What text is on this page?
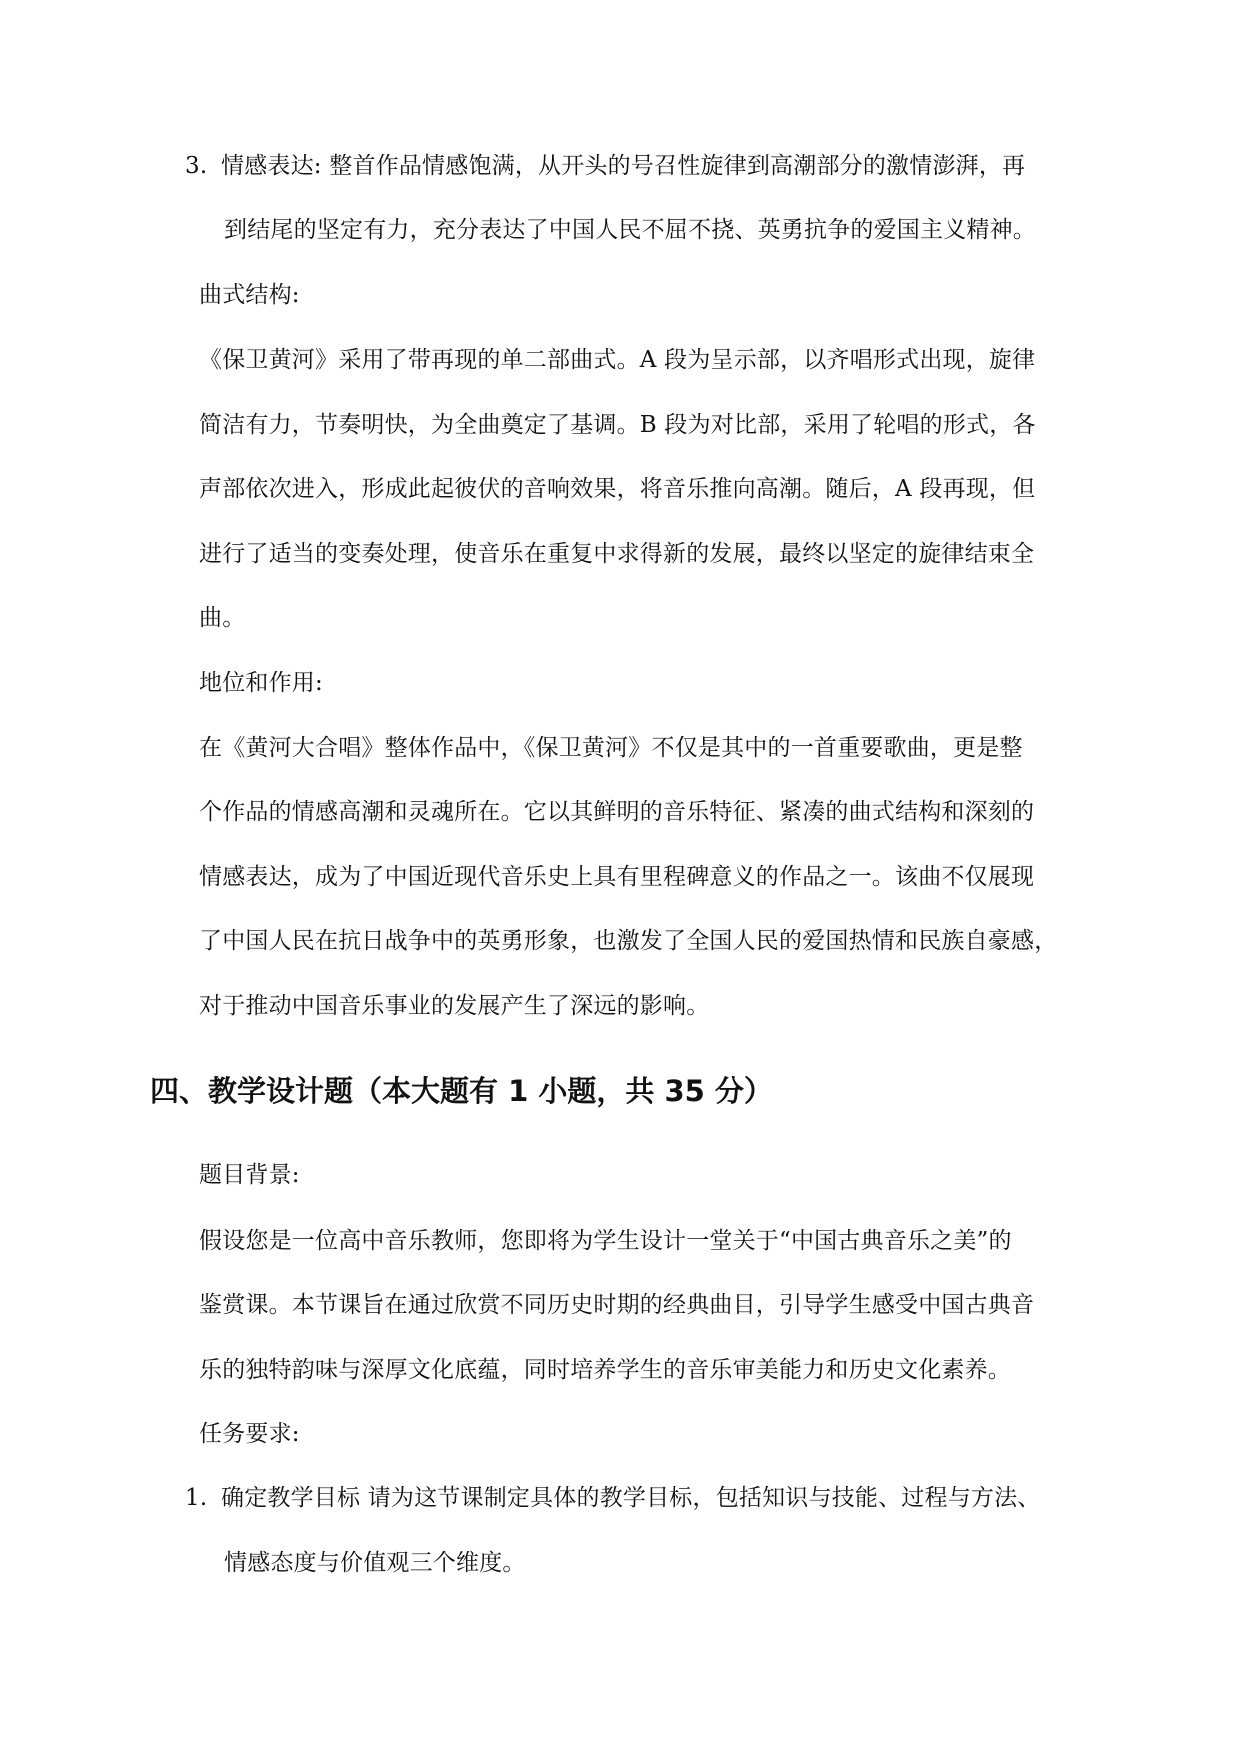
3. 情感表达: 整首作品情感饱满，从开头的号召性旋律到高潮部分的激情澎湃，再
到结尾的坚定有力，充分表达了中国人民不屈不挠、英勇抗争的爱国主义精神。
曲式结构:
《保卫黄河》采用了带再现的单二部曲式。A 段为呈示部，以齐唱形式出现，旋律
简洁有力，节奏明快，为全曲奠定了基调。B 段为对比部，采用了轮唱的形式，各
声部依次进入，形成此起彼伏的音响效果，将音乐推向高潮。随后，A 段再现，但
进行了适当的变奏处理，使音乐在重复中求得新的发展，最终以坚定的旋律结束全
曲。
地位和作用:
在《黄河大合唱》整体作品中，《保卫黄河》不仅是其中的一首重要歌曲，更是整
个作品的情感高潮和灵魂所在。它以其鲜明的音乐特征、紧凑的曲式结构和深刻的
情感表达，成为了中国近现代音乐史上具有里程碑意义的作品之一。该曲不仅展现
了中国人民在抗日战争中的英勇形象，也激发了全国人民的爱国热情和民族自豪感，
对于推动中国音乐事业的发展产生了深远的影响。
四、教学设计题（本大题有 1 小题，共 35 分）
题目背景:
假设您是一位高中音乐教师，您即将为学生设计一堂关于“中国古典音乐之美”的
鉴赏课。本节课旨在通过欣赏不同历史时期的经典曲目，引导学生感受中国古典音
乐的独特韵味与深厚文化底蕴，同时培养学生的音乐审美能力和历史文化素养。
任务要求:
1. 确定教学目标 请为这节课制定具体的教学目标，包括知识与技能、过程与方法、
情感态度与价值观三个维度。
